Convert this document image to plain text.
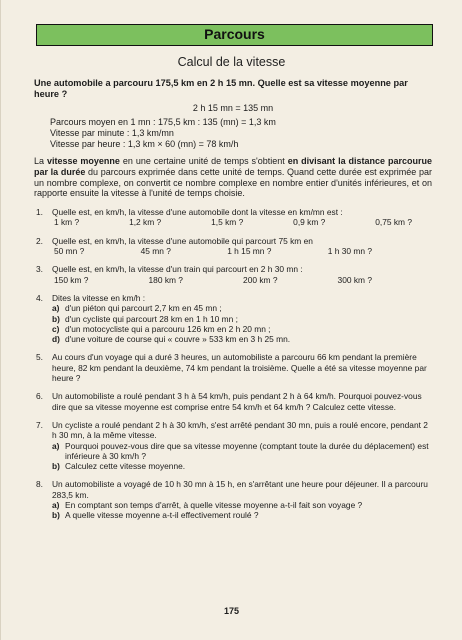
Parcours
Calcul de la vitesse
Une automobile a parcouru 175,5 km en 2 h 15 mn. Quelle est sa vitesse moyenne par heure ?
2 h 15 mn = 135 mn
Parcours moyen en 1 mn : 175,5 km : 135 (mn) = 1,3 km
Vitesse par minute : 1,3 km/mn
Vitesse par heure : 1,3 km × 60 (mn) = 78 km/h
La vitesse moyenne en une certaine unité de temps s'obtient en divisant la distance parcourue par la durée du parcours exprimée dans cette unité de temps. Quand cette durée est exprimée par un nombre complexe, on convertit ce nombre complexe en nombre entier d'unités inférieures, et on rapporte ensuite la vitesse à l'unité de temps choisie.
1. Quelle est, en km/h, la vitesse d'une automobile dont la vitesse en km/mn est :
1 km ?	1,2 km ?	1,5 km ?	0,9 km ?	0,75 km ?
2. Quelle est, en km/h, la vitesse d'une automobile qui parcourt 75 km en
50 mn ?	45 mn ?	1 h 15 mn ?	1 h 30 mn ?
3. Quelle est, en km/h, la vitesse d'un train qui parcourt en 2 h 30 mn :
150 km ?	180 km ?	200 km ?	300 km ?
4. Dites la vitesse en km/h :
a) d'un piéton qui parcourt 2,7 km en 45 mn ;
b) d'un cycliste qui parcourt 28 km en 1 h 10 mn ;
c) d'un motocycliste qui a parcouru 126 km en 2 h 20 mn ;
d) d'une voiture de course qui « couvre » 533 km en 3 h 25 mn.
5. Au cours d'un voyage qui a duré 3 heures, un automobiliste a parcouru 66 km pendant la première heure, 82 km pendant la deuxième, 74 km pendant la troisième. Quelle a été sa vitesse moyenne par heure ?
6. Un automobiliste a roulé pendant 3 h à 54 km/h, puis pendant 2 h à 64 km/h. Pourquoi pouvez-vous dire que sa vitesse moyenne est comprise entre 54 km/h et 64 km/h ? Calculez cette vitesse.
7. Un cycliste a roulé pendant 2 h à 30 km/h, s'est arrêté pendant 30 mn, puis a roulé encore, pendant 2 h 30 mn, à la même vitesse.
a) Pourquoi pouvez-vous dire que sa vitesse moyenne (comptant toute la durée du déplacement) est inférieure à 30 km/h ?
b) Calculez cette vitesse moyenne.
8. Un automobiliste a voyagé de 10 h 30 mn à 15 h, en s'arrêtant une heure pour déjeuner. Il a parcouru 283,5 km.
a) En comptant son temps d'arrêt, à quelle vitesse moyenne a-t-il fait son voyage ?
b) A quelle vitesse moyenne a-t-il effectivement roulé ?
175
